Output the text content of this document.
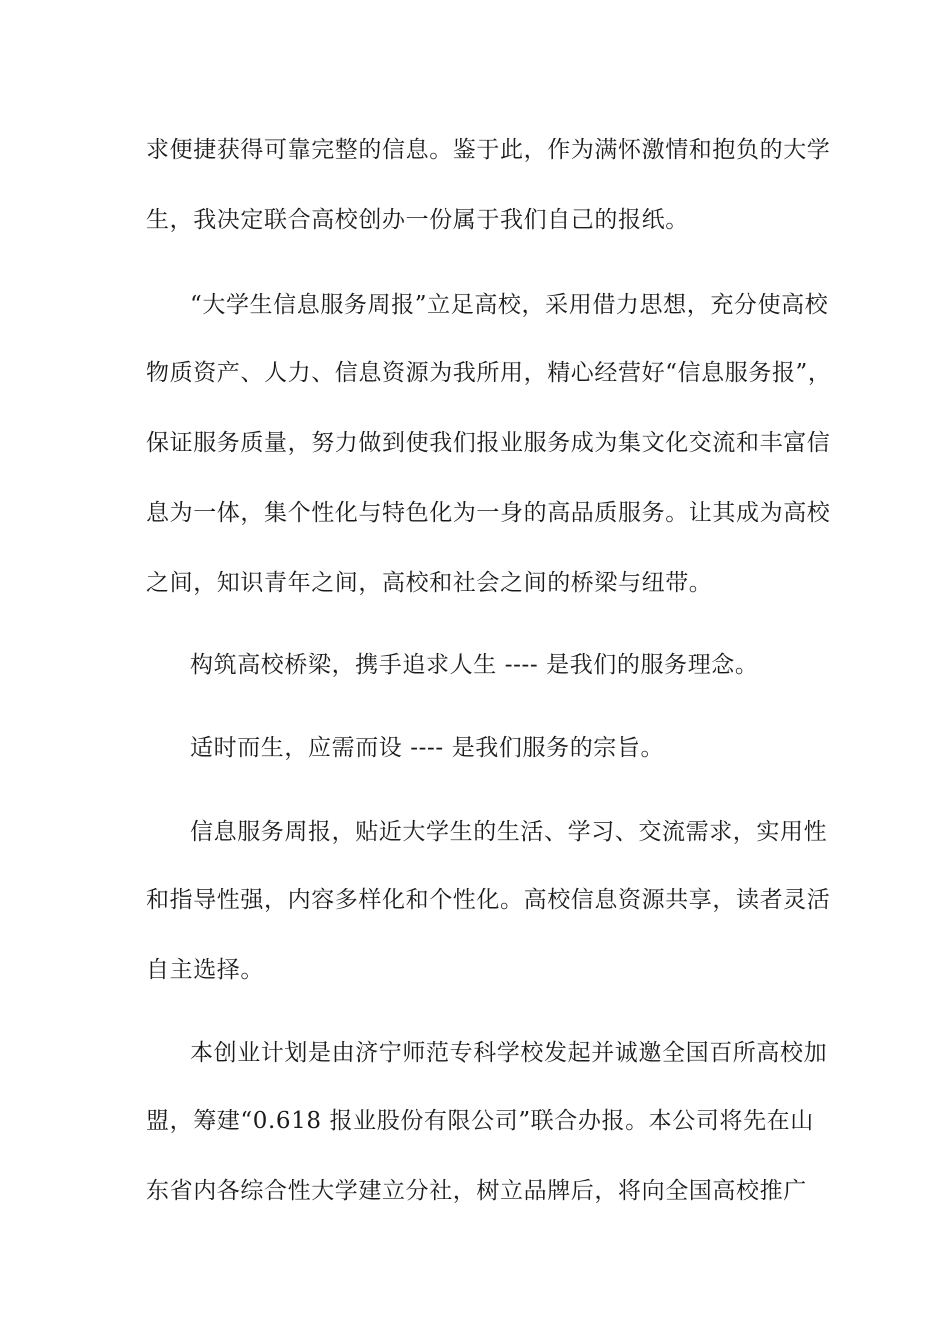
求便捷获得可靠完整的信息。鉴于此，作为满怀激情和抱负的大学
生，我决定联合高校创办一份属于我们自己的报纸。
“大学生信息服务周报”立足高校，采用借力思想，充分使高校
物质资产、人力、信息资源为我所用，精心经营好“信息服务报”，
保证服务质量，努力做到使我们报业服务成为集文化交流和丰富信
息为一体，集个性化与特色化为一身的高品质服务。让其成为高校
之间，知识青年之间，高校和社会之间的桥梁与纽带。
构筑高校桥梁，携手追求人生 ---- 是我们的服务理念。
适时而生，应需而设 ---- 是我们服务的宗旨。
信息服务周报，贴近大学生的生活、学习、交流需求，实用性
和指导性强，内容多样化和个性化。高校信息资源共享，读者灵活
自主选择。
本创业计划是由济宁师范专科学校发起并诚邀全国百所高校加
盟，筹建“0.618 报业股份有限公司”联合办报。本公司将先在山
东省内各综合性大学建立分社，树立品牌后，将向全国高校推广
